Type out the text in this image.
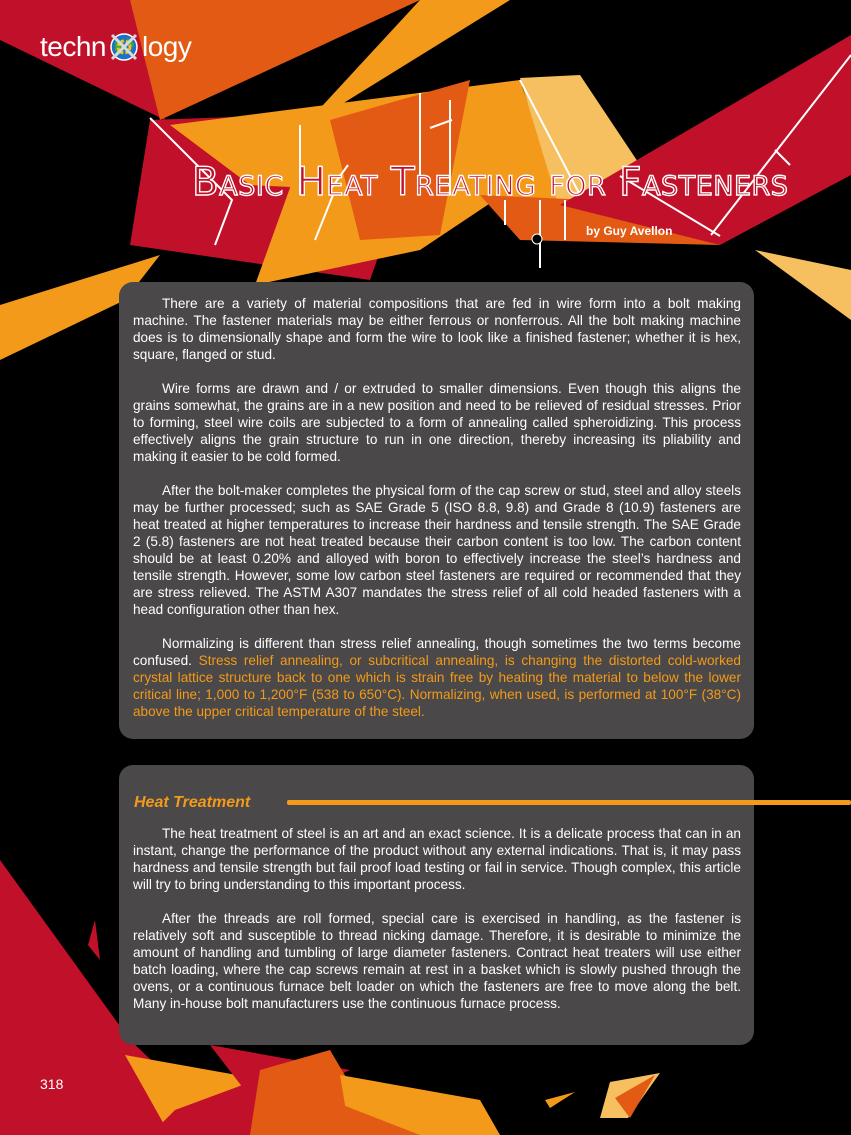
techn logy
Basic Heat Treating for Fasteners
by Guy Avellon

There are a variety of material compositions that are fed in wire form into a bolt making machine. The fastener materials may be either ferrous or nonferrous. All the bolt making machine does is to dimensionally shape and form the wire to look like a finished fastener; whether it is hex, square, flanged or stud.

Wire forms are drawn and / or extruded to smaller dimensions. Even though this aligns the grains somewhat, the grains are in a new position and need to be relieved of residual stresses. Prior to forming, steel wire coils are subjected to a form of annealing called spheroidizing. This process effectively aligns the grain structure to run in one direction, thereby increasing its pliability and making it easier to be cold formed.

After the bolt-maker completes the physical form of the cap screw or stud, steel and alloy steels may be further processed; such as SAE Grade 5 (ISO 8.8, 9.8) and Grade 8 (10.9) fasteners are heat treated at higher temperatures to increase their hardness and tensile strength. The SAE Grade 2 (5.8) fasteners are not heat treated because their carbon content is too low. The carbon content should be at least 0.20% and alloyed with boron to effectively increase the steel’s hardness and tensile strength. However, some low carbon steel fasteners are required or recommended that they are stress relieved. The ASTM A307 mandates the stress relief of all cold headed fasteners with a head configuration other than hex.

Normalizing is different than stress relief annealing, though sometimes the two terms become confused. Stress relief annealing, or subcritical annealing, is changing the distorted cold-worked crystal lattice structure back to one which is strain free by heating the material to below the lower critical line; 1,000 to 1,200°F (538 to 650°C). Normalizing, when used, is performed at 100°F (38°C) above the upper critical temperature of the steel.

The heat treatment of steel is an art and an exact science. It is a delicate process that can in an instant, change the performance of the product without any external indications. That is, it may pass hardness and tensile strength but fail proof load testing or fail in service. Though complex, this article will try to bring understanding to this important process.

After the threads are roll formed, special care is exercised in handling, as the fastener is relatively soft and susceptible to thread nicking damage. Therefore, it is desirable to minimize the amount of handling and tumbling of large diameter fasteners. Contract heat treaters will use either batch loading, where the cap screws remain at rest in a basket which is slowly pushed through the ovens, or a continuous furnace belt loader on which the fasteners are free to move along the belt. Many in-house bolt manufacturers use the continuous furnace process.

Heat Treatment
318
